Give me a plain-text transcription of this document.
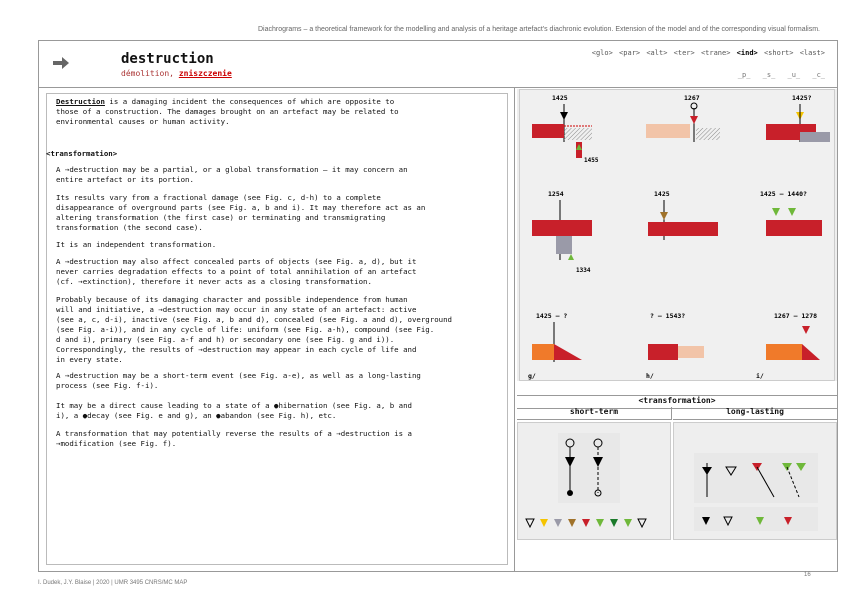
Diachrograms – a theoretical framework for the modelling and analysis of a heritage artefact's diachronic evolution. Extension of the model and of the corresponding visual formalism.
destruction
démolition, zniszczenie
<glo> <par> <alt> <ter> <trane> <ind> <short> <last>
_p_ _s_ _u_ _c_
1425
1455
1267	1425?
1254
1334
1425	1425 – 1440?
1425 – ?
g/
? – 1543?
h/
1267 – 1278
i/
<transformation>
short-term	long-lasting
Destruction is a damaging incident the consequences of which are opposite to
those of a construction. The damages brought on an artefact may be related to
environmental causes or human activity.
<transformation>
A →destruction may be a partial, or a global transformation – it may concern an
entire artefact or its portion.
Its results vary from a fractional damage (see Fig. c, d-h) to a complete
disappearance of overground parts (see Fig. a, b and i). It may therefore act as an
altering transformation (the first case) or terminating and transmigrating
transformation (the second case).
It is an independent transformation.
A →destruction may also affect concealed parts of objects (see Fig. a, d), but it
never carries degradation effects to a point of total annihilation of an artefact
(cf. →extinction), therefore it never acts as a closing transformation.
Probably because of its damaging character and possible independence from human
will and initiative, a →destruction may occur in any state of an artefact: active
(see a, c, d-i), inactive (see Fig. a, b and d), concealed (see Fig. a and d), overground
(see Fig. a-i)), and in any cycle of life: uniform (see Fig. a-h), compound (see Fig.
d and i), primary (see Fig. a-f and h) or secondary one (see Fig. g and i)).
Correspondingly, the results of →destruction may appear in each cycle of life and
in every state.
A →destruction may be a short-term event (see Fig. a-e), as well as a long-lasting
process (see Fig. f-i).
It may be a direct cause leading to a state of a ●hibernation (see Fig. a, b and
i), a ●decay (see Fig. e and g), an ●abandon (see Fig. h), etc.
A transformation that may potentially reverse the results of a →destruction is a
→modification (see Fig. f).
I. Dudek, J.Y. Blaise | 2020 | UMR 3495 CNRS/MC MAP
16
